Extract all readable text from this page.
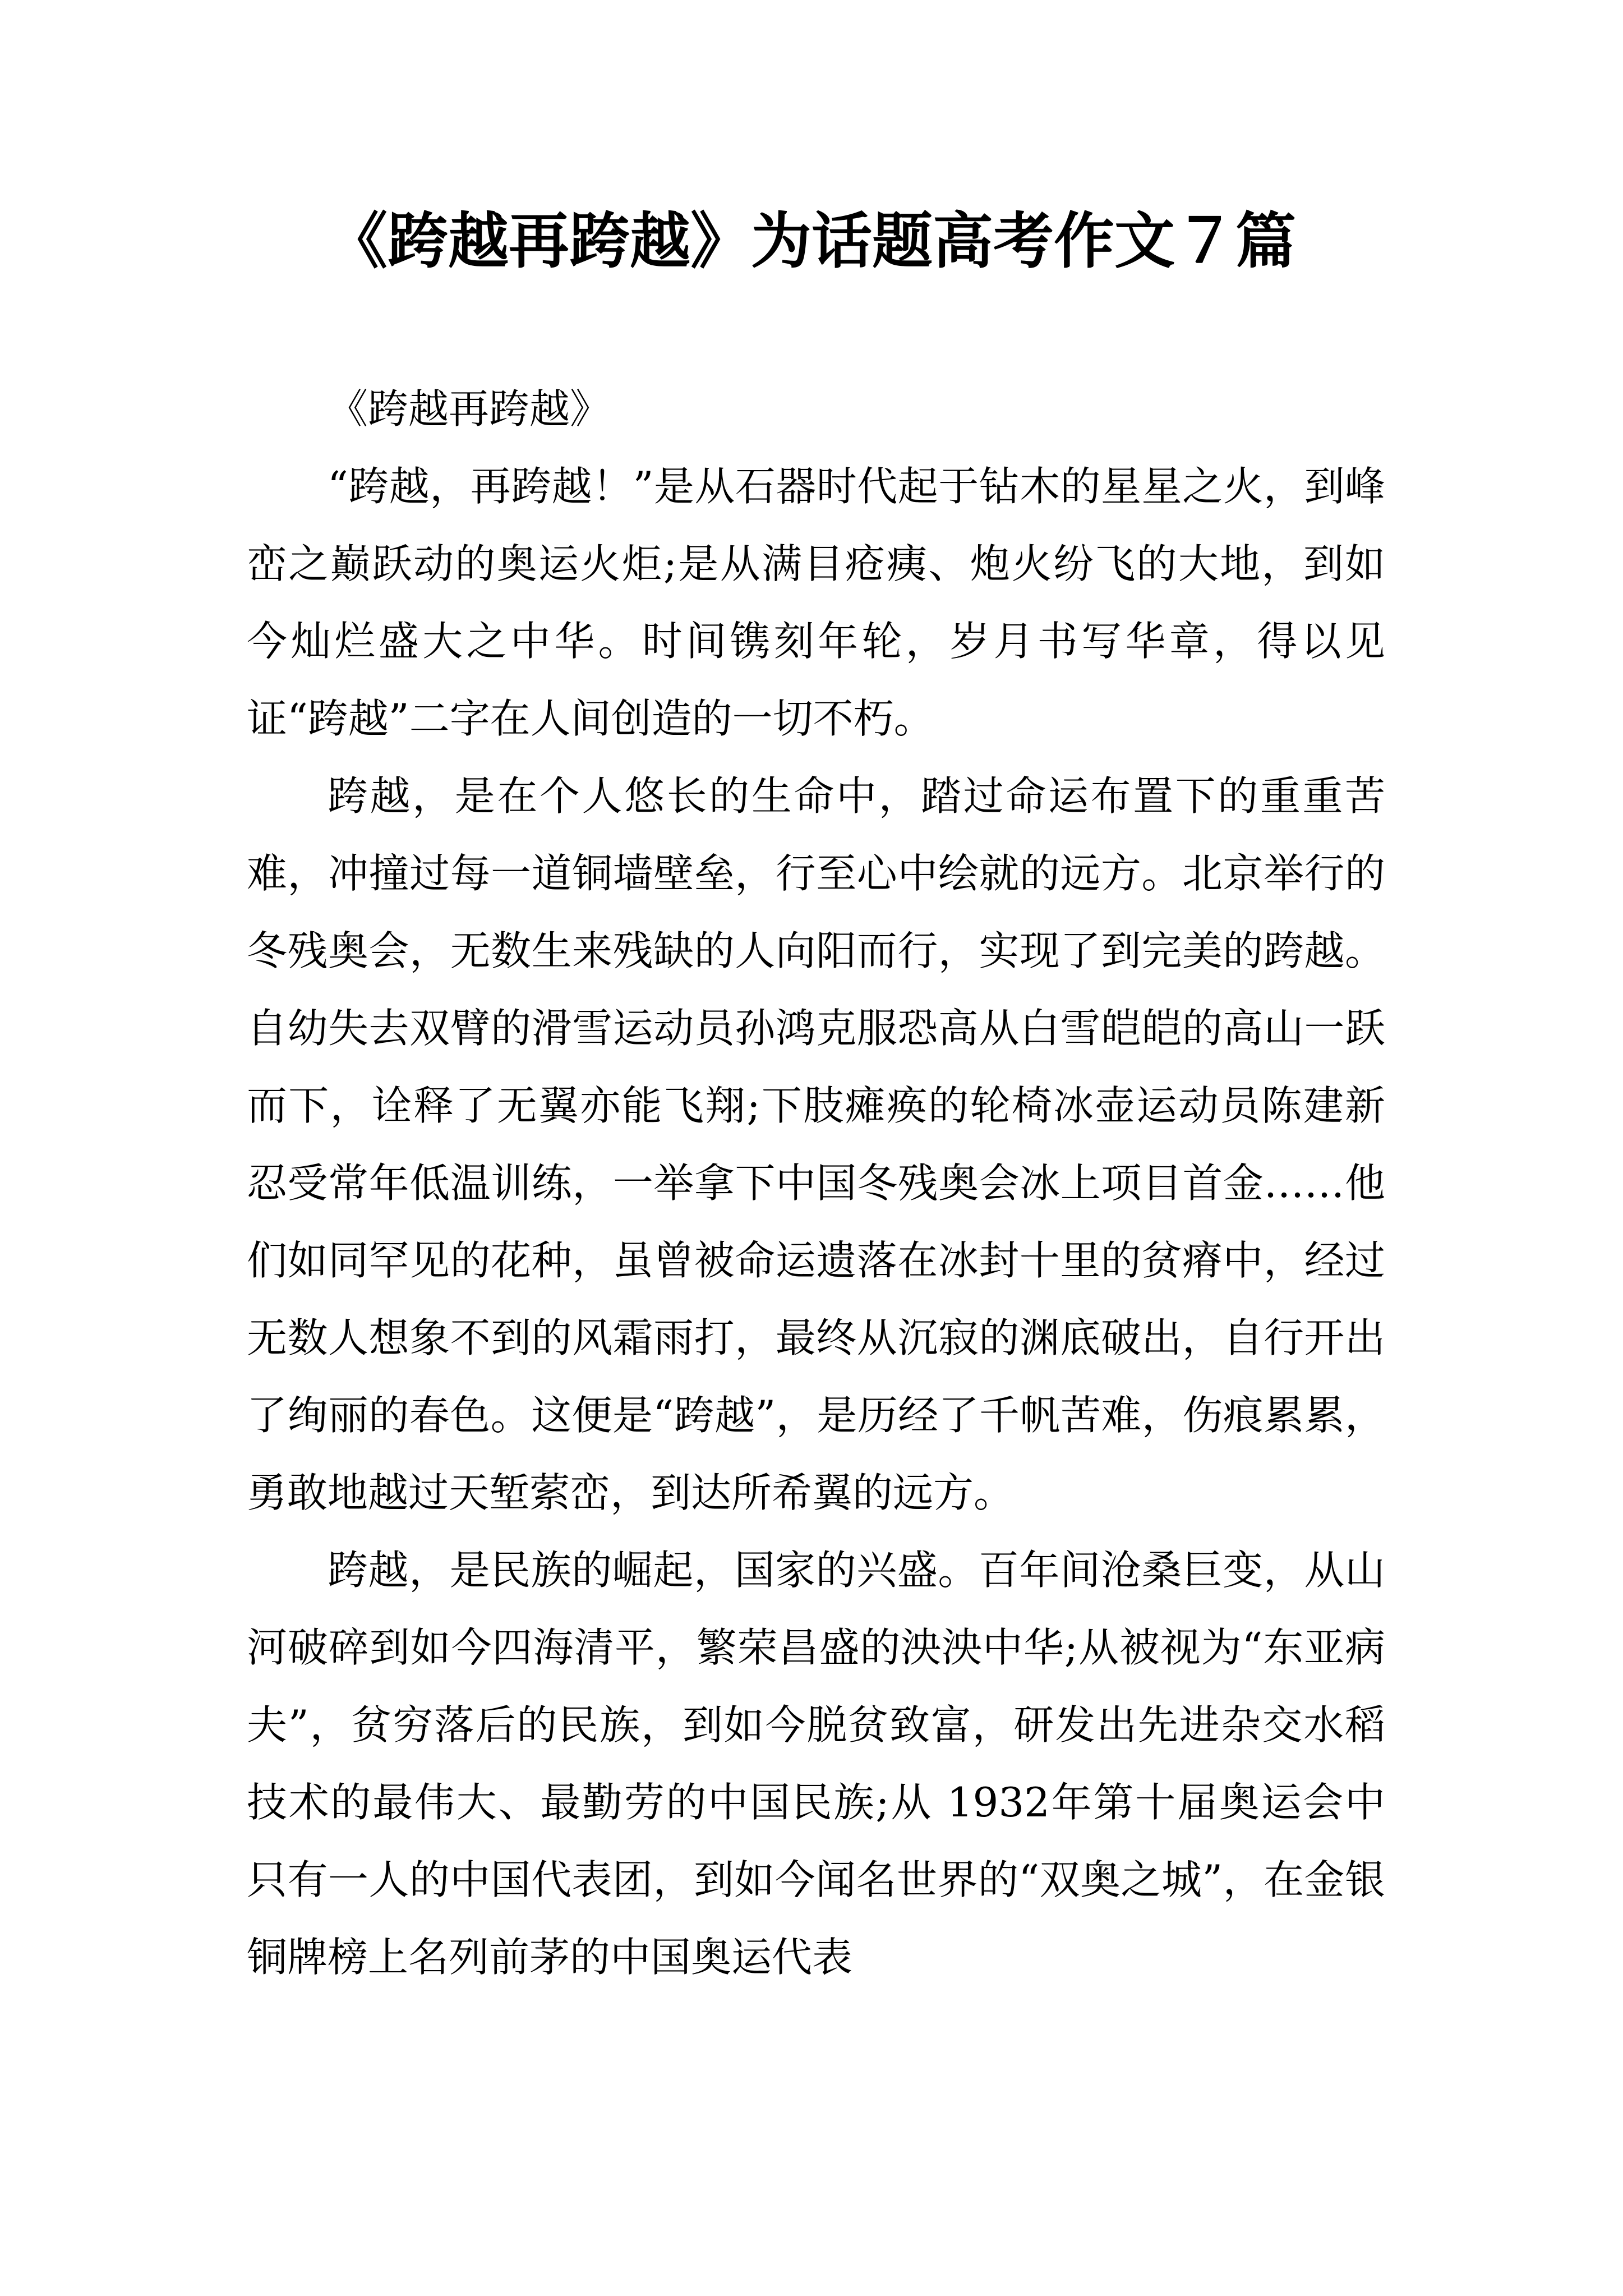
《跨越再跨越》为话题高考作文７篇
《跨越再跨越》

“跨越，再跨越！”是从石器时代起于钻木的星星之火，到峰峦之巅跃动的奥运火炬;是从满目疮痍、炮火纷飞的大地，到如今灿烂盛大之中华。时间镌刻年轮，岁月书写华章，得以见证“跨越”二字在人间创造的一切不朽。

跨越，是在个人悠长的生命中，踏过命运布置下的重重苦难，冲撞过每一道铜墙壁垒，行至心中绘就的远方。北京举行的冬残奥会，无数生来残缺的人向阳而行，实现了到完美的跨越。自幼失去双臂的滑雪运动员孙鸿克服恐高从白雪皑皑的高山一跃而下，诠释了无翼亦能飞翔;下肢瘫痪的轮椅冰壶运动员陈建新忍受常年低温训练，一举拿下中国冬残奥会冰上项目首金……他们如同罕见的花种，虽曾被命运遗落在冰封十里的贫瘠中，经过无数人想象不到的风霜雨打，最终从沉寂的渊底破出，自行开出了绚丽的春色。这便是“跨越”，是历经了千帆苦难，伤痕累累，勇敢地越过天堑萦峦，到达所希翼的远方。

跨越，是民族的崛起，国家的兴盛。百年间沧桑巨变，从山河破碎到如今四海清平，繁荣昌盛的泱泱中华;从被视为“东亚病夫”，贫穷落后的民族，到如今脱贫致富，研发出先进杂交水稻技术的最伟大、最勤劳的中国民族;从 1932年第十届奥运会中只有一人的中国代表团，到如今闻名世界的“双奥之城”，在金银铜牌榜上名列前茅的中国奥运代表
